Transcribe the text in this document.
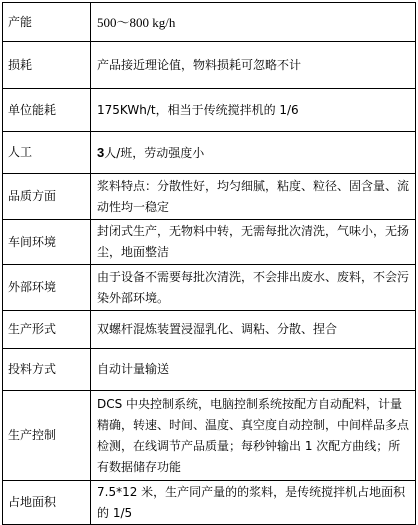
产能	500～800 kg/h
损耗	产品接近理论值，物料损耗可忽略不计
单位能耗	175KWh/t，相当于传统搅拌机的 1/6
人工	3人/班，劳动强度小
品质方面	浆料特点：分散性好，均匀细腻，粘度、粒径、固含量、流动性均一稳定
车间环境	封闭式生产，无物料中转，无需每批次清洗，气味小，无扬尘，地面整洁
外部环境	由于设备不需要每批次清洗，不会排出废水、废料，不会污染外部环境。
生产形式	双螺杆混炼装置浸湿乳化、调粘、分散、捏合
投料方式	自动计量输送
生产控制	DCS 中央控制系统，电脑控制系统按配方自动配料，计量精确，转速、时间、温度、真空度自动控制，中间样品多点检测，在线调节产品质量；每秒钟输出 1 次配方曲线；所有数据储存功能
占地面积	7.5*12 米，生产同产量的的浆料，是传统搅拌机占地面积的 1/5
